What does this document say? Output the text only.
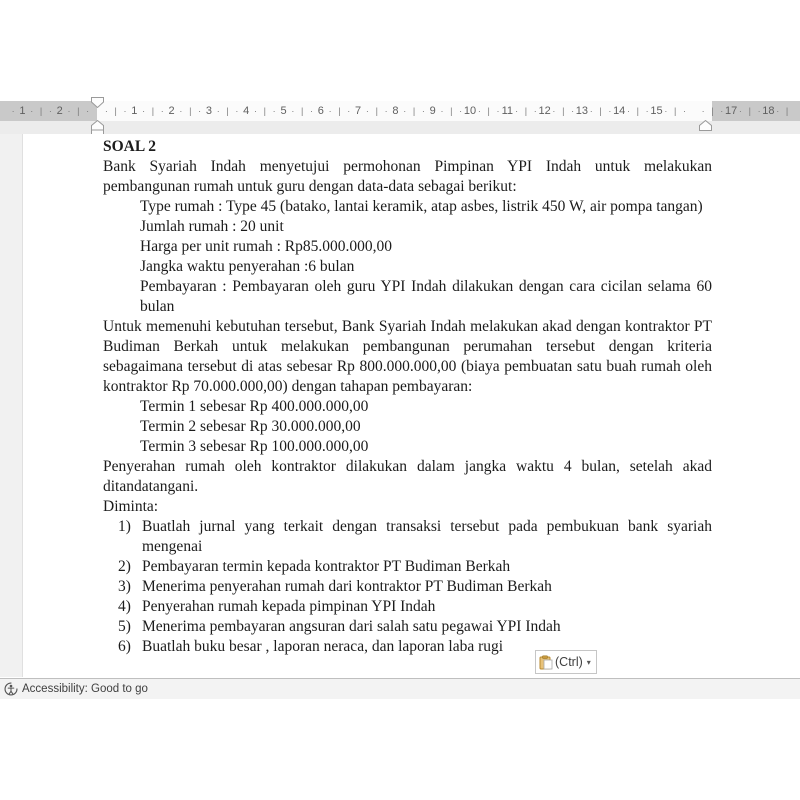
· 1 · | · 2 · | · · | · 1 · | · 2 · | · 3 · | · 4 · | · 5 · | · 6 · | · 7 · | · 8 · | · 9 · | · 10 · | · 11 · | · 12 · | · 13 · | · 14 · | · 15 · | · · | · 17 · | · 18 · |
SOAL 2
Bank Syariah Indah menyetujui permohonan Pimpinan YPI Indah untuk melakukan pembangunan rumah untuk guru dengan data-data sebagai berikut:
Type rumah : Type 45 (batako, lantai keramik, atap asbes, listrik 450 W, air pompa tangan)
Jumlah rumah : 20 unit
Harga per unit rumah : Rp85.000.000,00
Jangka waktu penyerahan :6 bulan
Pembayaran : Pembayaran oleh guru YPI Indah dilakukan dengan cara cicilan selama 60 bulan
Untuk memenuhi kebutuhan tersebut, Bank Syariah Indah melakukan akad dengan kontraktor PT Budiman Berkah untuk melakukan pembangunan perumahan tersebut dengan kriteria sebagaimana tersebut di atas sebesar Rp 800.000.000,00 (biaya pembuatan satu buah rumah oleh kontraktor Rp 70.000.000,00) dengan tahapan pembayaran:
Termin 1 sebesar Rp 400.000.000,00
Termin 2 sebesar Rp 30.000.000,00
Termin 3 sebesar Rp 100.000.000,00
Penyerahan rumah oleh kontraktor dilakukan dalam jangka waktu 4 bulan, setelah akad ditandatangani.
Diminta:
1) Buatlah jurnal yang terkait dengan transaksi tersebut pada pembukuan bank syariah mengenai
2) Pembayaran termin kepada kontraktor PT Budiman Berkah
3) Menerima penyerahan rumah dari kontraktor PT Budiman Berkah
4) Penyerahan rumah kepada pimpinan YPI Indah
5) Menerima pembayaran angsuran dari salah satu pegawai YPI Indah
6) Buatlah buku besar , laporan neraca, dan laporan laba rugi
(Ctrl) ▾
Accessibility: Good to go
